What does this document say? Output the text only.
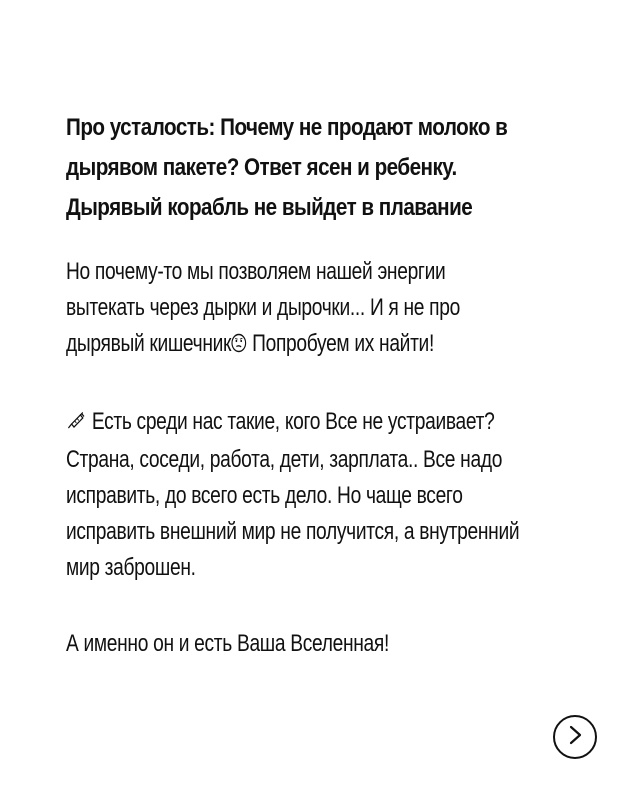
Про усталость: Почему не продают молоко в
дырявом пакете? Ответ ясен и ребенку.
Дырявый корабль не выйдет в плавание

Но почему-то мы позволяем нашей энергии
вытекать через дырки и дырочки... И я не про
дырявый кишечник Попробуем их найти!

Есть среди нас такие, кого Все не устраивает?
Страна, соседи, работа, дети, зарплата.. Все надо
исправить, до всего есть дело. Но чаще всего
исправить внешний мир не получится, а внутренний
мир заброшен.

А именно он и есть Ваша Вселенная!
